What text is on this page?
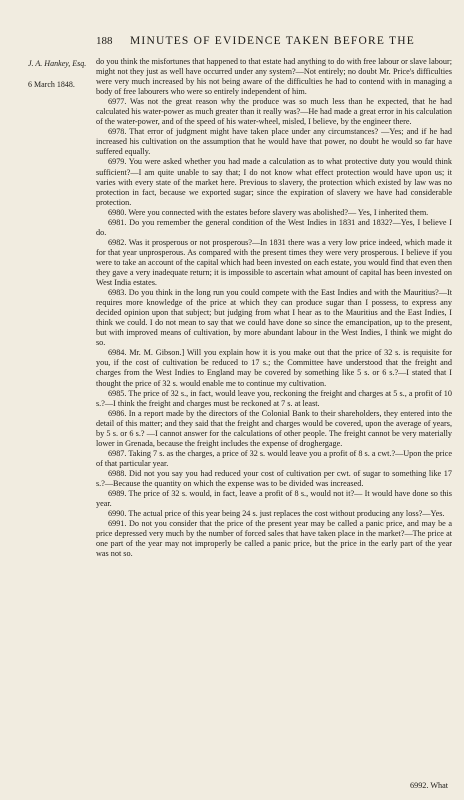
188 MINUTES OF EVIDENCE TAKEN BEFORE THE
J. A. Hankey, Esq.
6 March 1848.

do you think the misfortunes that happened to that estate had anything to do with free labour or slave labour; might not they just as well have occurred under any system?—Not entirely; no doubt Mr. Price's difficulties were very much increased by his not being aware of the difficulties he had to contend with in managing a body of free labourers who were so entirely independent of him.

6977. Was not the great reason why the produce was so much less than he expected, that he had calculated his water-power as much greater than it really was?—He had made a great error in his calculation of the water-power, and of the speed of his water-wheel, misled, I believe, by the engineer there.

6978. That error of judgment might have taken place under any circumstances? —Yes; and if he had increased his cultivation on the assumption that he would have that power, no doubt he would so far have suffered equally.

6979. You were asked whether you had made a calculation as to what protective duty you would think sufficient?—I am quite unable to say that; I do not know what effect protection would have upon us; it varies with every state of the market here. Previous to slavery, the protection which existed by law was no protection in fact, because we exported sugar; since the expiration of slavery we have had considerable protection.

6980. Were you connected with the estates before slavery was abolished?— Yes, I inherited them.

6981. Do you remember the general condition of the West Indies in 1831 and 1832?—Yes, I believe I do.

6982. Was it prosperous or not prosperous?—In 1831 there was a very low price indeed, which made it for that year unprosperous. As compared with the present times they were very prosperous. I believe if you were to take an account of the capital which had been invested on each estate, you would find that even then they gave a very inadequate return; it is impossible to ascertain what amount of capital has been invested on West India estates.

6983. Do you think in the long run you could compete with the East Indies and with the Mauritius?—It requires more knowledge of the price at which they can produce sugar than I possess, to express any decided opinion upon that subject; but judging from what I hear as to the Mauritius and the East Indies, I think we could. I do not mean to say that we could have done so since the emancipation, up to the present, but with improved means of cultivation, by more abundant labour in the West Indies, I think we might do so.

6984. Mr. M. Gibson.] Will you explain how it is you make out that the price of 32 s. is requisite for you, if the cost of cultivation be reduced to 17 s.; the Committee have understood that the freight and charges from the West Indies to England may be covered by something like 5 s. or 6 s.?—I stated that I thought the price of 32 s. would enable me to continue my cultivation.

6985. The price of 32 s., in fact, would leave you, reckoning the freight and charges at 5 s., a profit of 10 s.?—I think the freight and charges must be reckoned at 7 s. at least.

6986. In a report made by the directors of the Colonial Bank to their shareholders, they entered into the detail of this matter; and they said that the freight and charges would be covered, upon the average of years, by 5 s. or 6 s.? —I cannot answer for the calculations of other people. The freight cannot be very materially lower in Grenada, because the freight includes the expense of droghergage.

6987. Taking 7 s. as the charges, a price of 32 s. would leave you a profit of 8 s. a cwt.?—Upon the price of that particular year.

6988. Did not you say you had reduced your cost of cultivation per cwt. of sugar to something like 17 s.?—Because the quantity on which the expense was to be divided was increased.

6989. The price of 32 s. would, in fact, leave a profit of 8 s., would not it?— It would have done so this year.

6990. The actual price of this year being 24 s. just replaces the cost without producing any loss?—Yes.

6991. Do not you consider that the price of the present year may be called a panic price, and may be a price depressed very much by the number of forced sales that have taken place in the market?—The price at one part of the year may not improperly be called a panic price, but the price in the early part of the year was not so.

6992. What
